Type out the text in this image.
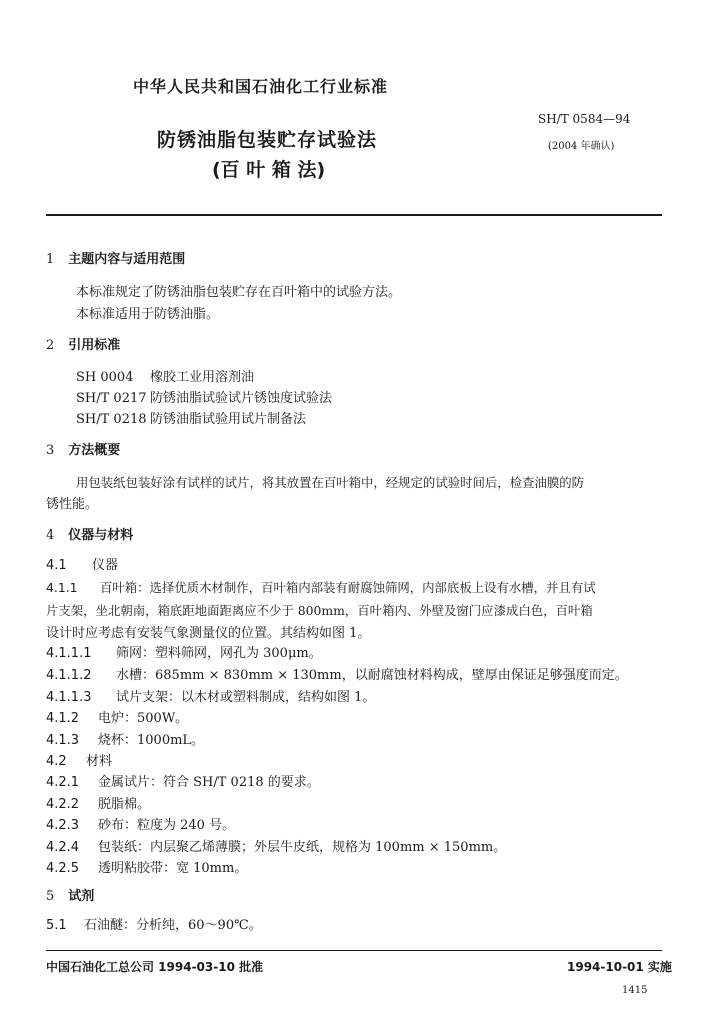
中华人民共和国石油化工行业标准
SH/T 0584—94
(2004 年确认)
防锈油脂包装贮存试验法
(百 叶 箱 法)
1 主题内容与适用范围
本标准规定了防锈油脂包装贮存在百叶箱中的试验方法。
本标准适用于防锈油脂。
2 引用标准
SH 0004 橡胶工业用溶剂油
SH/T 0217 防锈油脂试验试片锈蚀度试验法
SH/T 0218 防锈油脂试验用试片制备法
3 方法概要
用包装纸包装好涂有试样的试片，将其放置在百叶箱中，经规定的试验时间后，检查油膜的防
锈性能。
4 仪器与材料
4.1 仪器
4.1.1 百叶箱：选择优质木材制作，百叶箱内部装有耐腐蚀筛网，内部底板上设有水槽，并且有试
片支架，坐北朝南，箱底距地面距离应不少于 800mm，百叶箱内、外壁及窗门应漆成白色，百叶箱
设计时应考虑有安装气象测量仪的位置。其结构如图 1。
4.1.1.1 筛网：塑料筛网，网孔为 300μm。
4.1.1.2 水槽：685mm × 830mm × 130mm，以耐腐蚀材料构成，壁厚由保证足够强度而定。
4.1.1.3 试片支架：以木材或塑料制成，结构如图 1。
4.1.2 电炉：500W。
4.1.3 烧杯：1000mL。
4.2 材料
4.2.1 金属试片：符合 SH/T 0218 的要求。
4.2.2 脱脂棉。
4.2.3 砂布：粒度为 240 号。
4.2.4 包装纸：内层聚乙烯薄膜；外层牛皮纸，规格为 100mm × 150mm。
4.2.5 透明粘胶带：宽 10mm。
5 试剂
5.1 石油醚：分析纯，60～90℃。
中国石油化工总公司 1994-03-10 批准	1994-10-01 实施
1415
